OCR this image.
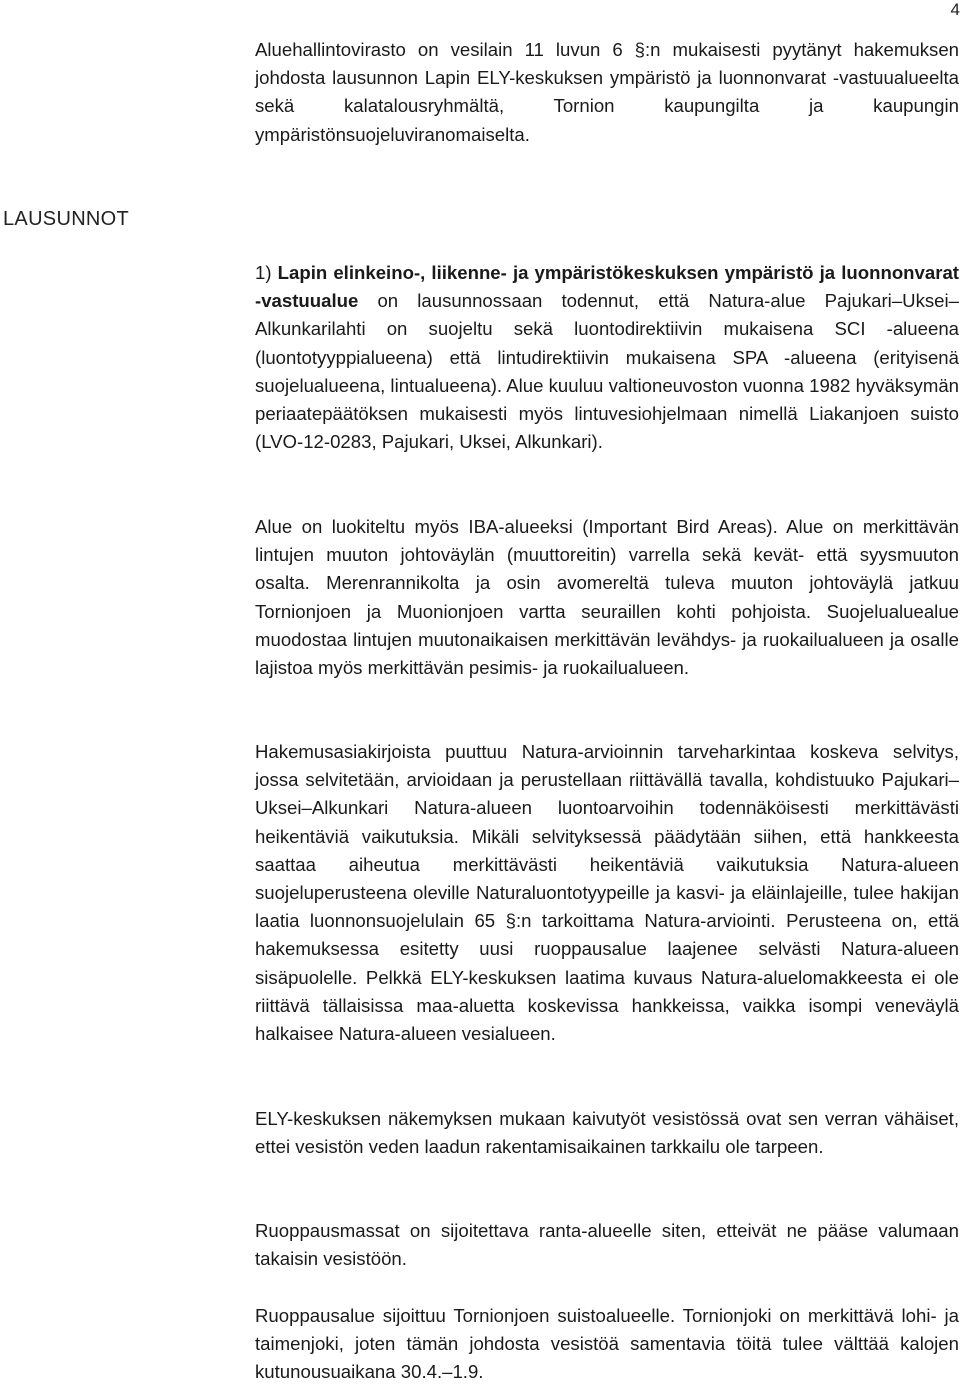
4

Aluehallintovirasto on vesilain 11 luvun 6 §:n mukaisesti pyytänyt hakemuksen johdosta lausunnon Lapin ELY-keskuksen ympäristö ja luonnonvarat -vastuualueelta sekä kalatalousryhmältä, Tornion kaupungilta ja kaupungin ympäristönsuojeluviranomaiselta.

LAUSUNNOT

1) Lapin elinkeino-, liikenne- ja ympäristökeskuksen ympäristö ja luonnonvarat -vastuualue on lausunnossaan todennut, että Natura-alue Pajukari–Uksei–Alkunkarilahti on suojeltu sekä luontodirektiivin mukaisena SCI -alueena (luontotyyppialueena) että lintudirektiivin mukaisena SPA -alueena (erityisenä suojelualueena, lintualueena). Alue kuuluu valtioneuvoston vuonna 1982 hyväksymän periaatepäätöksen mukaisesti myös lintuvesiohjelmaan nimellä Liakanjoen suisto (LVO-12-0283, Pajukari, Uksei, Alkunkari).

Alue on luokiteltu myös IBA-alueeksi (Important Bird Areas). Alue on merkittävän lintujen muuton johtoväylän (muuttoreitin) varrella sekä kevät- että syysmuuton osalta. Merenrannikolta ja osin avomereltä tuleva muuton johtoväylä jatkuu Tornionjoen ja Muonionjoen vartta seuraillen kohti pohjoista. Suojelualuealue muodostaa lintujen muutonaikaisen merkittävän levähdys- ja ruokailualueen ja osalle lajistoa myös merkittävän pesimis- ja ruokailualueen.

Hakemusasiakirjoista puuttuu Natura-arvioinnin tarveharkintaa koskeva selvitys, jossa selvitetään, arvioidaan ja perustellaan riittävällä tavalla, kohdistuuko Pajukari–Uksei–Alkunkari Natura-alueen luontoarvoihin todennäköisesti merkittävästi heikentäviä vaikutuksia. Mikäli selvityksessä päädytään siihen, että hankkeesta saattaa aiheutua merkittävästi heikentäviä vaikutuksia Natura-alueen suojeluperusteena oleville Naturaluontotyypeille ja kasvi- ja eläinlajeille, tulee hakijan laatia luonnonsuojelulain 65 §:n tarkoittama Natura-arviointi. Perusteena on, että hakemuksessa esitetty uusi ruoppausalue laajenee selvästi Natura-alueen sisäpuolelle. Pelkkä ELY-keskuksen laatima kuvaus Natura-aluelomakkeesta ei ole riittävä tällaisissa maa-aluetta koskevissa hankkeissa, vaikka isompi veneväylä halkaisee Natura-alueen vesialueen.

ELY-keskuksen näkemyksen mukaan kaivutyöt vesistössä ovat sen verran vähäiset, ettei vesistön veden laadun rakentamisaikainen tarkkailu ole tarpeen.

Ruoppausmassat on sijoitettava ranta-alueelle siten, etteivät ne pääse valumaan takaisin vesistöön.

Ruoppausalue sijoittuu Tornionjoen suistoalueelle. Tornionjoki on merkittävä lohi- ja taimenjoki, joten tämän johdosta vesistöä samentavia töitä tulee välttää kalojen kutunousuaikana 30.4.–1.9.
